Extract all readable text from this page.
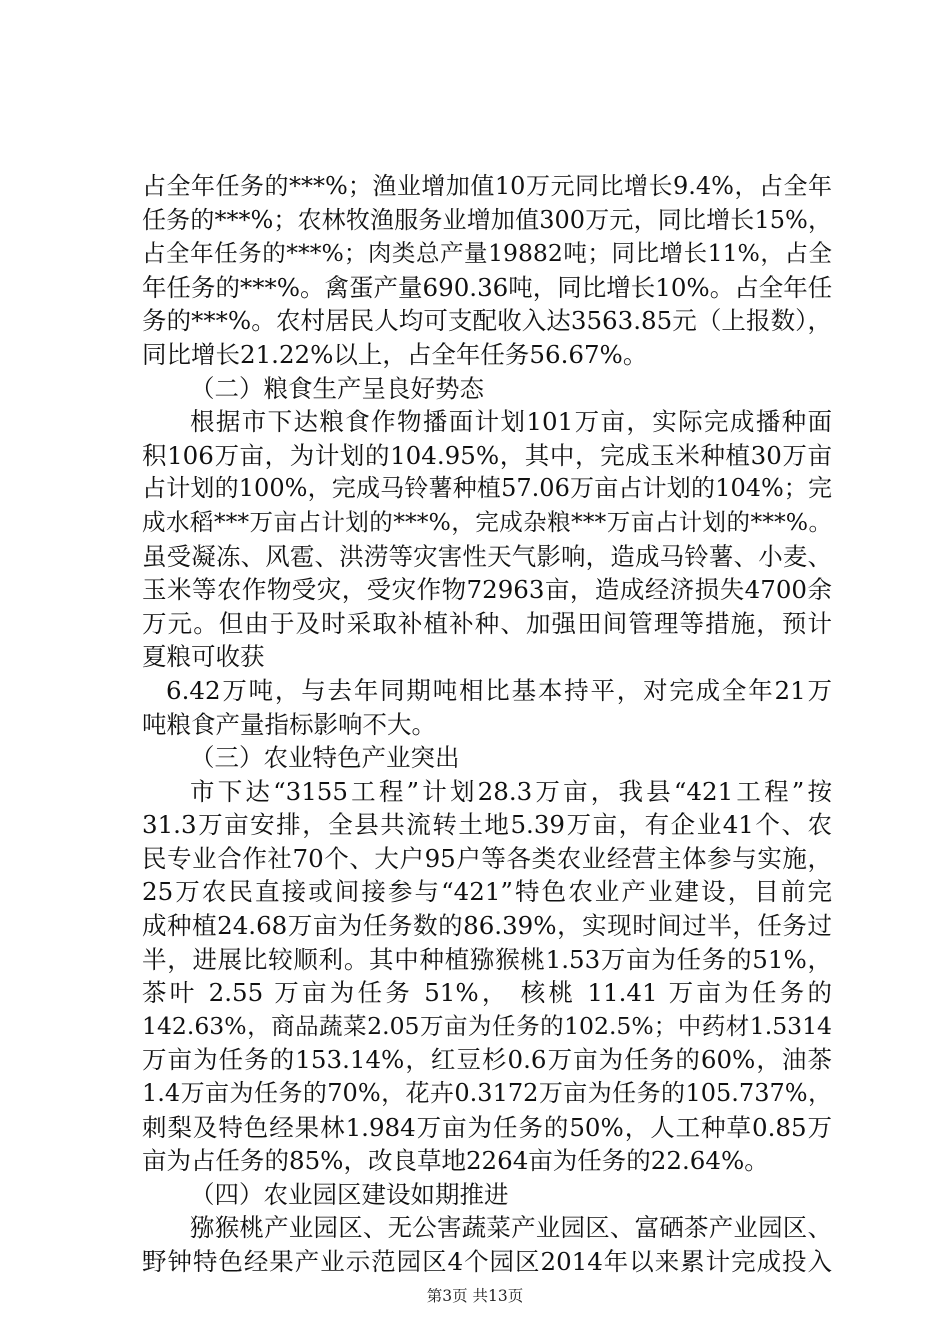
占全年任务的***%；渔业增加值10万元同比增长9.4%，占全年
任务的***%；农林牧渔服务业增加值300万元，同比增长15%，
占全年任务的***%；肉类总产量19882吨；同比增长11%，占全
年任务的***%。禽蛋产量690.36吨，同比增长10%。占全年任
务的***%。农村居民人均可支配收入达3563.85元（上报数），
同比增长21.22%以上，占全年任务56.67%。
（二）粮食生产呈良好势态
根据市下达粮食作物播面计划101万亩，实际完成播种面
积106万亩，为计划的104.95%，其中，完成玉米种植30万亩
占计划的100%，完成马铃薯种植57.06万亩占计划的104%；完
成水稻***万亩占计划的***%，完成杂粮***万亩占计划的***%。
虽受凝冻、风雹、洪涝等灾害性天气影响，造成马铃薯、小麦、
玉米等农作物受灾，受灾作物72963亩，造成经济损失4700余
万元。但由于及时采取补植补种、加强田间管理等措施，预计
夏粮可收获
6.42万吨，与去年同期吨相比基本持平，对完成全年21万
吨粮食产量指标影响不大。
（三）农业特色产业突出
市下达“3155工程”计划28.3万亩，我县“421工程”按
31.3万亩安排，全县共流转土地5.39万亩，有企业41个、农
民专业合作社70个、大户95户等各类农业经营主体参与实施，
25万农民直接或间接参与“421”特色农业产业建设，目前完
成种植24.68万亩为任务数的86.39%，实现时间过半，任务过
半，进展比较顺利。其中种植猕猴桃1.53万亩为任务的51%，
茶叶 2.55 万亩为任务 51%， 核桃 11.41 万亩为任务的
142.63%，商品蔬菜2.05万亩为任务的102.5%；中药材1.5314
万亩为任务的153.14%，红豆杉0.6万亩为任务的60%，油茶
1.4万亩为任务的70%，花卉0.3172万亩为任务的105.737%，
刺梨及特色经果林1.984万亩为任务的50%，人工种草0.85万
亩为占任务的85%，改良草地2264亩为任务的22.64%。
（四）农业园区建设如期推进
猕猴桃产业园区、无公害蔬菜产业园区、富硒茶产业园区、
野钟特色经果产业示范园区4个园区2014年以来累计完成投入
第3页 共13页
